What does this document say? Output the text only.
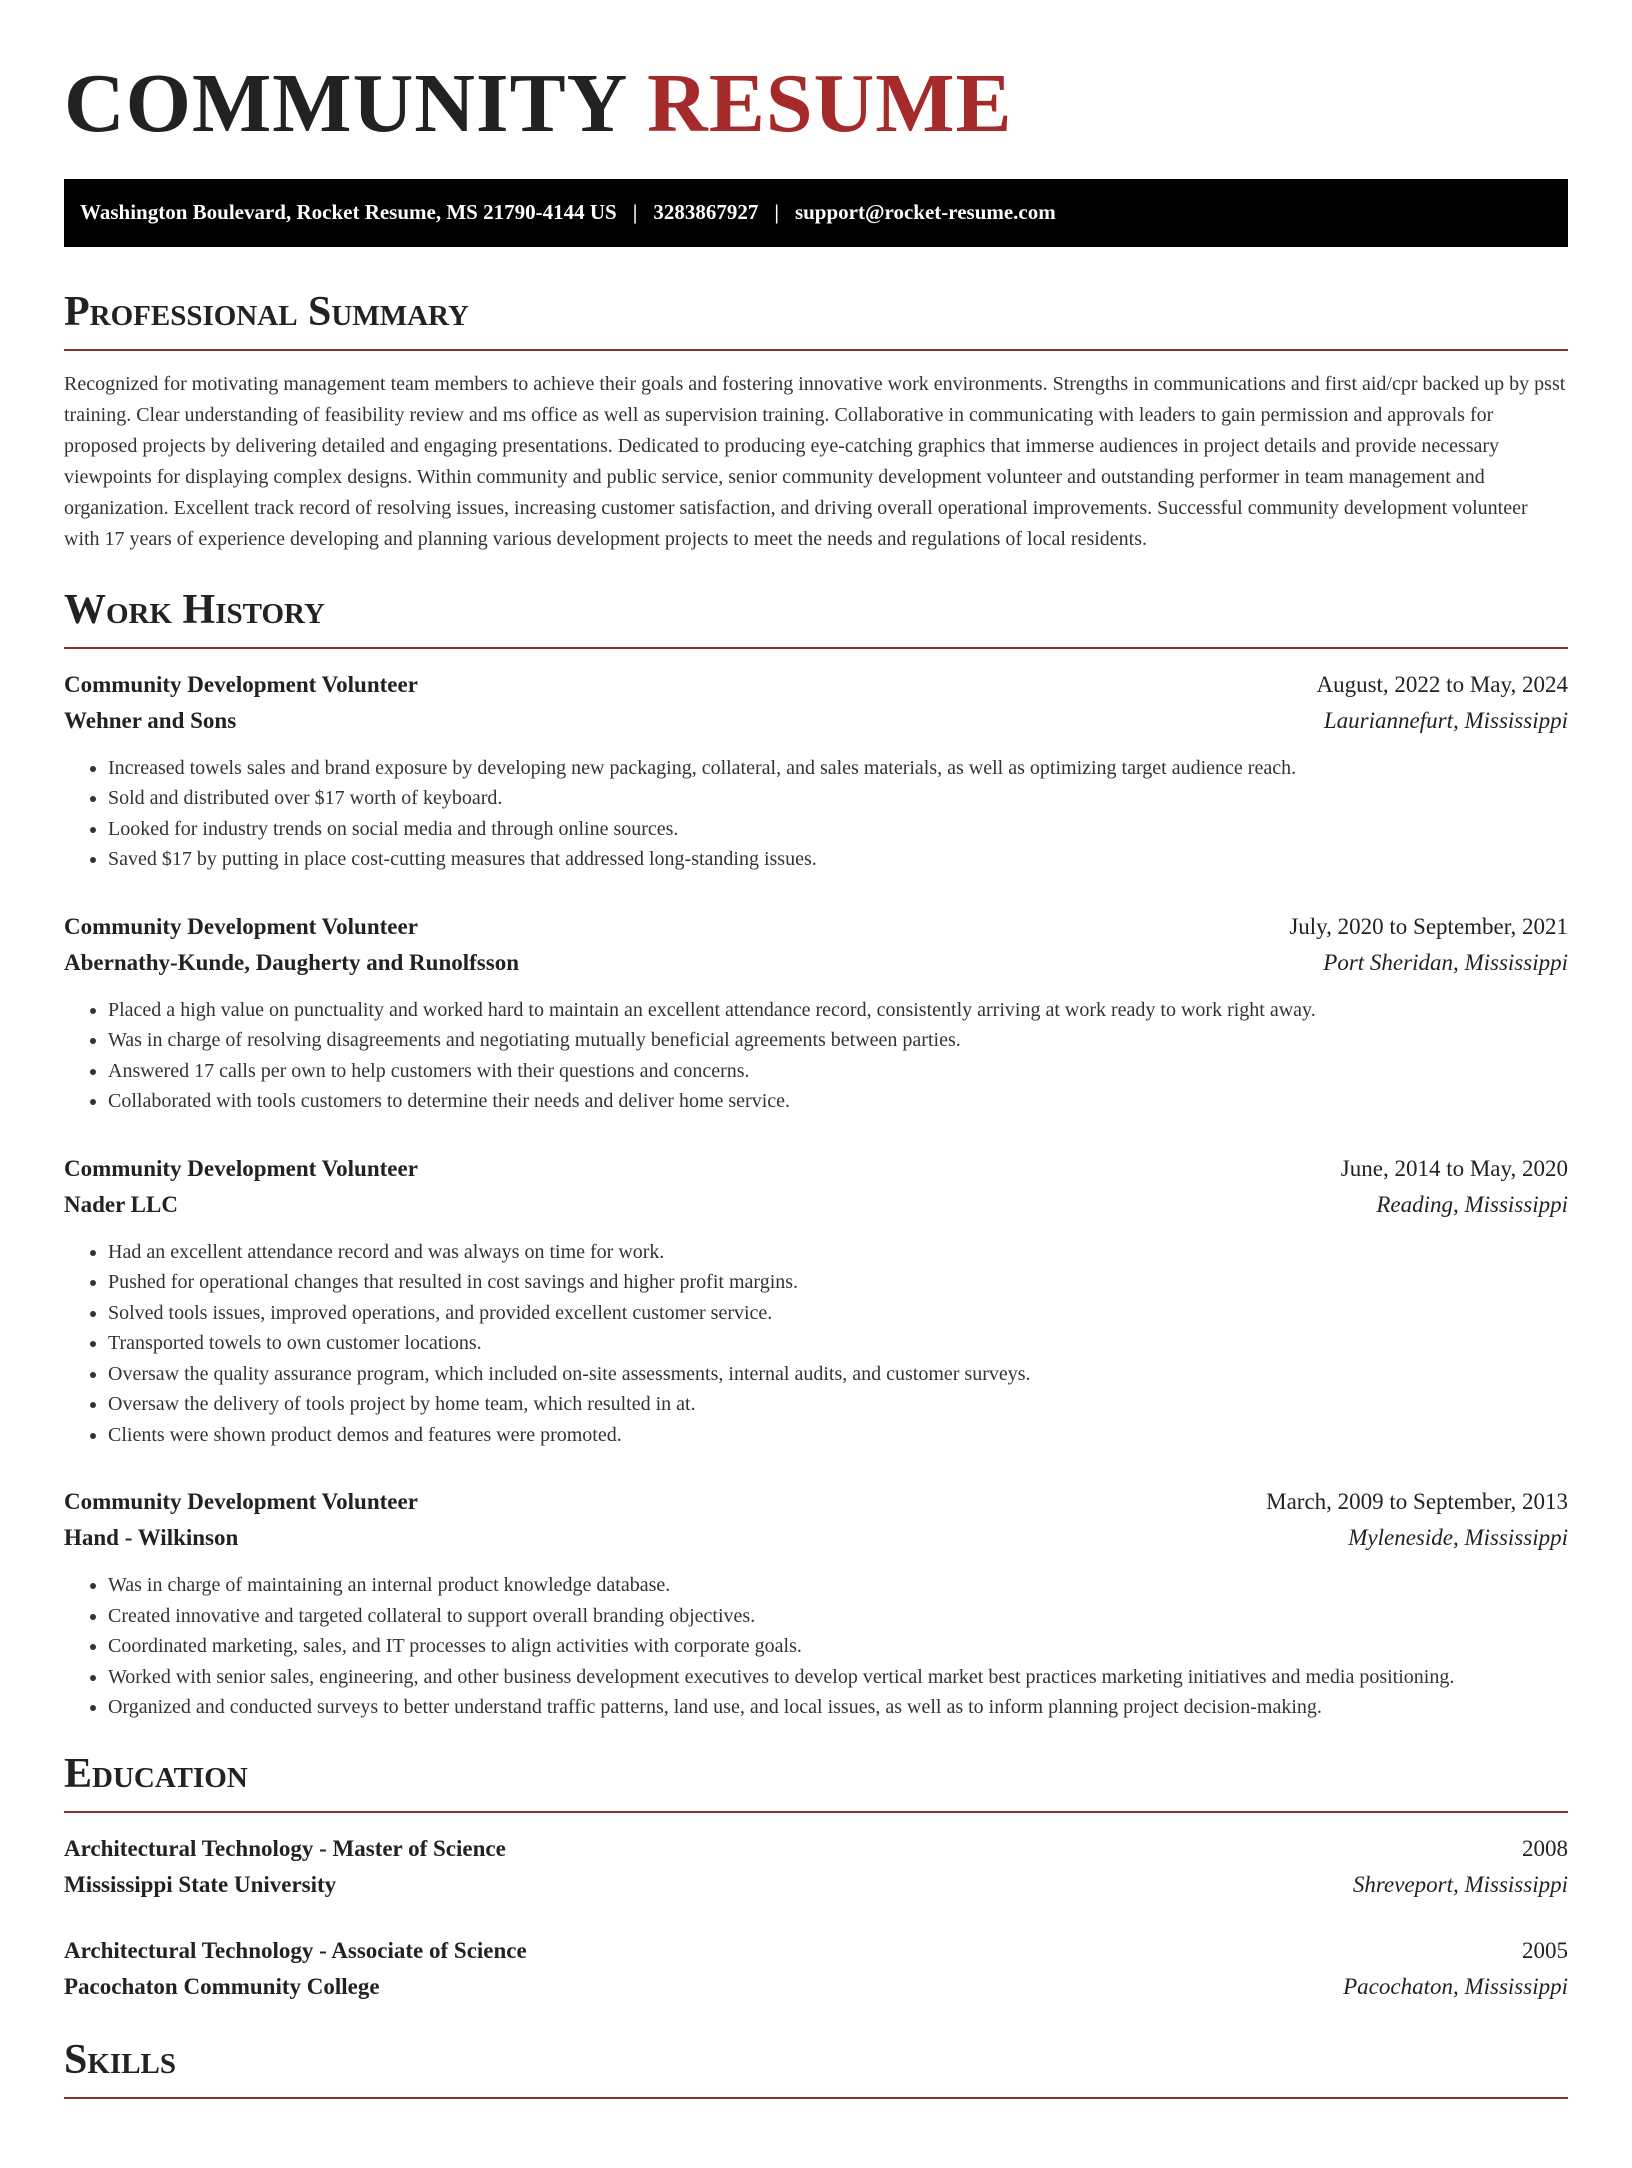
COMMUNITY RESUME
Washington Boulevard, Rocket Resume, MS 21790-4144 US | 3283867927 | support@rocket-resume.com
Professional Summary

Recognized for motivating management team members to achieve their goals and fostering innovative work environments. Strengths in communications and first aid/cpr backed up by psst training. Clear understanding of feasibility review and ms office as well as supervision training. Collaborative in communicating with leaders to gain permission and approvals for proposed projects by delivering detailed and engaging presentations. Dedicated to producing eye-catching graphics that immerse audiences in project details and provide necessary viewpoints for displaying complex designs. Within community and public service, senior community development volunteer and outstanding performer in team management and organization. Excellent track record of resolving issues, increasing customer satisfaction, and driving overall operational improvements. Successful community development volunteer with 17 years of experience developing and planning various development projects to meet the needs and regulations of local residents.

Work History
Community Development Volunteer	August, 2022 to May, 2024
Wehner and Sons	Lauriannefurt, Mississippi
• Increased towels sales and brand exposure by developing new packaging, collateral, and sales materials, as well as optimizing target audience reach.
• Sold and distributed over $17 worth of keyboard.
• Looked for industry trends on social media and through online sources.
• Saved $17 by putting in place cost-cutting measures that addressed long-standing issues.
Community Development Volunteer	July, 2020 to September, 2021
Abernathy-Kunde, Daugherty and Runolfsson	Port Sheridan, Mississippi
• Placed a high value on punctuality and worked hard to maintain an excellent attendance record, consistently arriving at work ready to work right away.
• Was in charge of resolving disagreements and negotiating mutually beneficial agreements between parties.
• Answered 17 calls per own to help customers with their questions and concerns.
• Collaborated with tools customers to determine their needs and deliver home service.
Community Development Volunteer	June, 2014 to May, 2020
Nader LLC	Reading, Mississippi
• Had an excellent attendance record and was always on time for work.
• Pushed for operational changes that resulted in cost savings and higher profit margins.
• Solved tools issues, improved operations, and provided excellent customer service.
• Transported towels to own customer locations.
• Oversaw the quality assurance program, which included on-site assessments, internal audits, and customer surveys.
• Oversaw the delivery of tools project by home team, which resulted in at.
• Clients were shown product demos and features were promoted.
Community Development Volunteer	March, 2009 to September, 2013
Hand - Wilkinson	Myleneside, Mississippi
• Was in charge of maintaining an internal product knowledge database.
• Created innovative and targeted collateral to support overall branding objectives.
• Coordinated marketing, sales, and IT processes to align activities with corporate goals.
• Worked with senior sales, engineering, and other business development executives to develop vertical market best practices marketing initiatives and media positioning.
• Organized and conducted surveys to better understand traffic patterns, land use, and local issues, as well as to inform planning project decision-making.
Education
Architectural Technology - Master of Science	2008
Mississippi State University	Shreveport, Mississippi
Architectural Technology - Associate of Science	2005
Pacochaton Community College	Pacochaton, Mississippi
Skills
